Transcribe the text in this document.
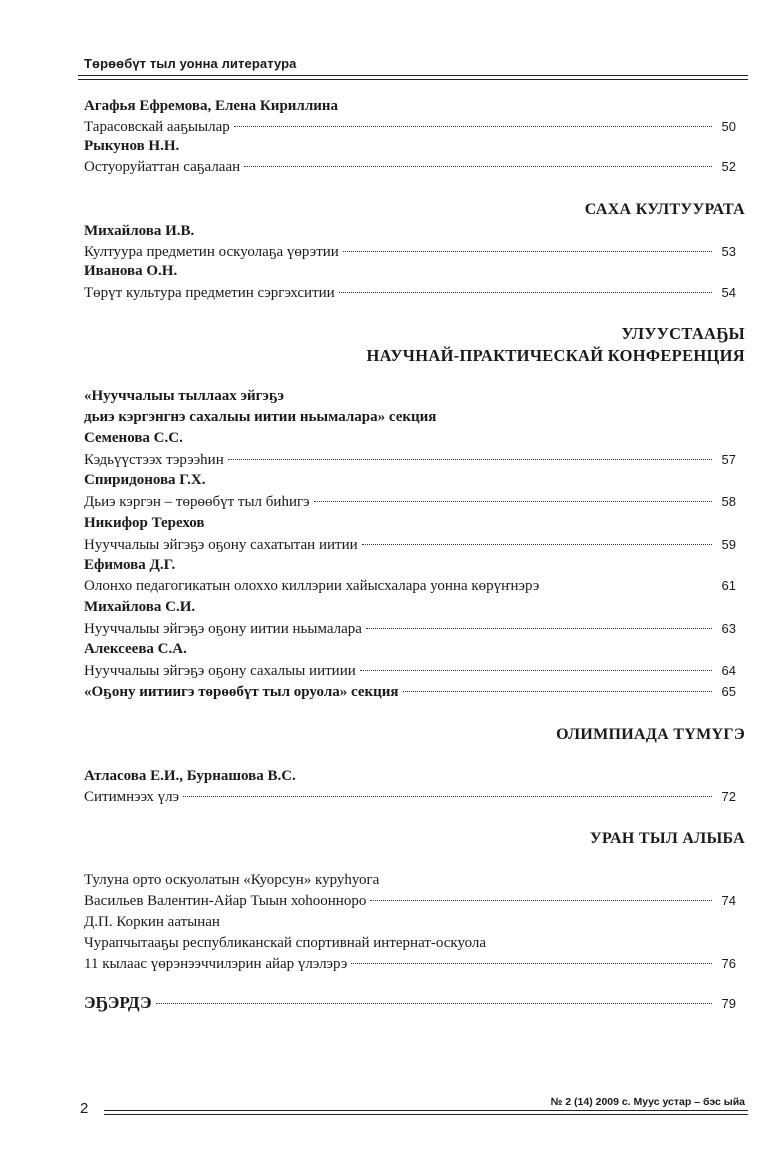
Төрөөбүт тыл уонна литература
Агафья Ефремова, Елена Кириллина
Тарасовскай ааҕыылар	50
Рыкунов Н.Н.
Остуоруйаттан саҕалаан	52
САХА КУЛТУУРАТА
Михайлова И.В.
Култуура предметин оскуолаҕа үөрэтии	53
Иванова О.Н.
Төрүт культура предметин сэргэхситии	54
УЛУУСТААҔЫ
НАУЧНАЙ-ПРАКТИЧЕСКАЙ КОНФЕРЕНЦИЯ
«Нууччалыы тыллаах эйгэҕэ
дьиэ кэргэнгнэ сахалыы иитии ньымалара» секция
Семенова С.С.
Кэдьүүстээх тэрээһин	57
Спиридонова Г.Х.
Дьиэ кэргэн – төрөөбүт тыл биһигэ	58
Никифор Терехов
Нууччалыы эйгэҕэ оҕону сахатытан иитии	59
Ефимова Д.Г.
Олонхо педагогикатын олоххо киллэрии хайысхалара уонна көрүҥнэрэ	61
Михайлова С.И.
Нууччалыы эйгэҕэ оҕону иитии ньымалара	63
Алексеева С.А.
Нууччалыы эйгэҕэ оҕону сахалыы иитиии	64
«Оҕону иитиигэ төрөөбүт тыл оруола» секция	65
ОЛИМПИАДА ТҮМҮГЭ
Атласова Е.И., Бурнашова В.С.
Ситимнээх үлэ	72
УРАН ТЫЛ АЛЫБА
Тулуна орто оскуолатын «Куорсун» куруһуога
Васильев Валентин-Айар Тыын хоһоонноро	74
Д.П. Коркин аатынан
Чурапчытааҕы республиканскай спортивнай интернат-оскуола
11 кылаас үөрэнээччилэрин айар үлэлэрэ	76
ЭҔЭРДЭ	79
2	№ 2 (14) 2009 с. Муус устар – бэс ыйа
